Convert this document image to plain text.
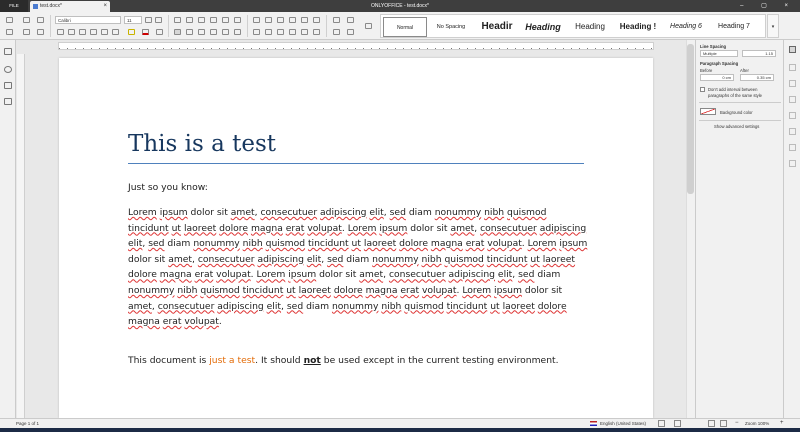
FILE	test.docx*	×	ONLYOFFICE - test.docx*	– ▢ ×
Calibri	11
Normal	No Spacing	Headir	Headinɡ	Heading	Heading !	Heading 6	Heading 7	▾
This is a test
Just so you know:
Lorem ipsum dolor sit amet, consecutuer adipiscing elit, sed diam nonummy nibh quismod tincidunt ut laoreet dolore magna erat volupat. Lorem ipsum dolor sit amet, consecutuer adipiscing elit, sed diam nonummy nibh quismod tincidunt ut laoreet dolore magna erat volupat. Lorem ipsum dolor sit amet, consecutuer adipiscing elit, sed diam nonummy nibh quismod tincidunt ut laoreet dolore magna erat volupat. Lorem ipsum dolor sit amet, consecutuer adipiscing elit, sed diam nonummy nibh quismod tincidunt ut laoreet dolore magna erat volupat. Lorem ipsum dolor sit amet, consecutuer adipiscing elit, sed diam nonummy nibh quismod tincidunt ut laoreet dolore magna erat volupat.
This document is just a test. It should not be used except in the current testing environment.
Line Spacing
Multiple	1.15
Paragraph Spacing
Before	After
0 cm	0.35 cm
Don't add interval between
paragraphs of the same style
Background color
Show advanced settings
Page 1 of 1	English (United States)	− Zoom 100% +
